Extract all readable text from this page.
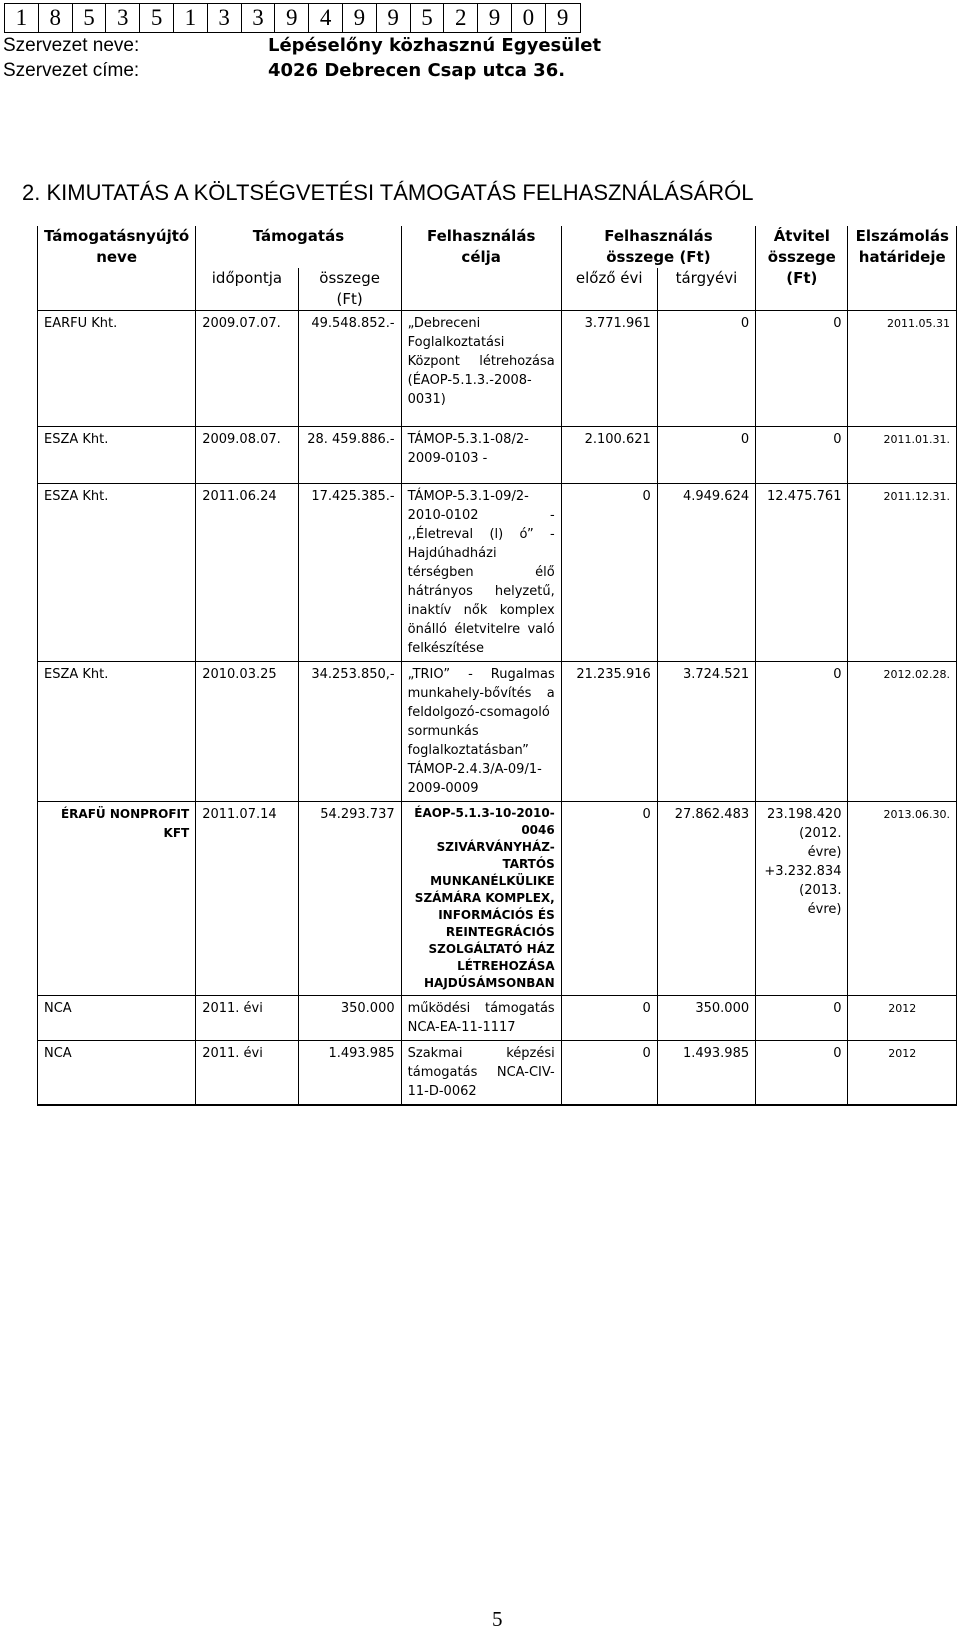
1 8 5 3 5 1 3 3 9 4 9 9 5 2 9 0 9
Szervezet neve:	Lépéselőny közhasznú Egyesület
Szervezet címe:	4026 Debrecen Csap utca 36.
2. KIMUTATÁS A KÖLTSÉGVETÉSI TÁMOGATÁS FELHASZNÁLÁSÁRÓL
Támogatásnyújtó neve	Támogatás		Felhasználás célja	Felhasználás összege (Ft)		Átvitel összege (Ft)	Elszámolás határideje
	időpontja	összege (Ft)		előző évi	tárgyévi		
EARFU Kht.	2009.07.07.	49.548.852.-	„Debreceni Foglalkoztatási Központ létrehozása (ÉAOP-5.1.3.-2008-0031)	3.771.961	0	0	2011.05.31
ESZA Kht.	2009.08.07.	28. 459.886.-	TÁMOP-5.3.1-08/2-2009-0103 -	2.100.621	0	0	2011.01.31.
ESZA Kht.	2011.06.24	17.425.385.-	TÁMOP-5.3.1-09/2-2010-0102 - ,,Életreval (l) ó” - Hajdúhadházi térségben élő hátrányos helyzetű, inaktív nők komplex önálló életvitelre való felkészítése	0	4.949.624	12.475.761	2011.12.31.
ESZA Kht.	2010.03.25	34.253.850,-	„TRIO” - Rugalmas munkahely-bővítés a feldolgozó-csomagoló sormunkás foglalkoztatásban” TÁMOP-2.4.3/A-09/1-2009-0009	21.235.916	3.724.521	0	2012.02.28.
ÉRAFÜ NONPROFIT KFT	2011.07.14	54.293.737	ÉAOP-5.1.3-10-2010-0046 SZIVÁRVÁNYHÁZ-TARTÓS MUNKANÉLKÜLIKE SZÁMÁRA KOMPLEX, INFORMÁCIÓS ÉS REINTEGRÁCIÓS SZOLGÁLTATÓ HÁZ LÉTREHOZÁSA HAJDÚSÁMSONBAN	0	27.862.483	23.198.420 (2012. évre) +3.232.834 (2013. évre)	2013.06.30.
NCA	2011. évi	350.000	működési támogatás NCA-EA-11-1117	0	350.000	0	2012
NCA	2011. évi	1.493.985	Szakmai képzési támogatás NCA-CIV-11-D-0062	0	1.493.985	0	2012
5
